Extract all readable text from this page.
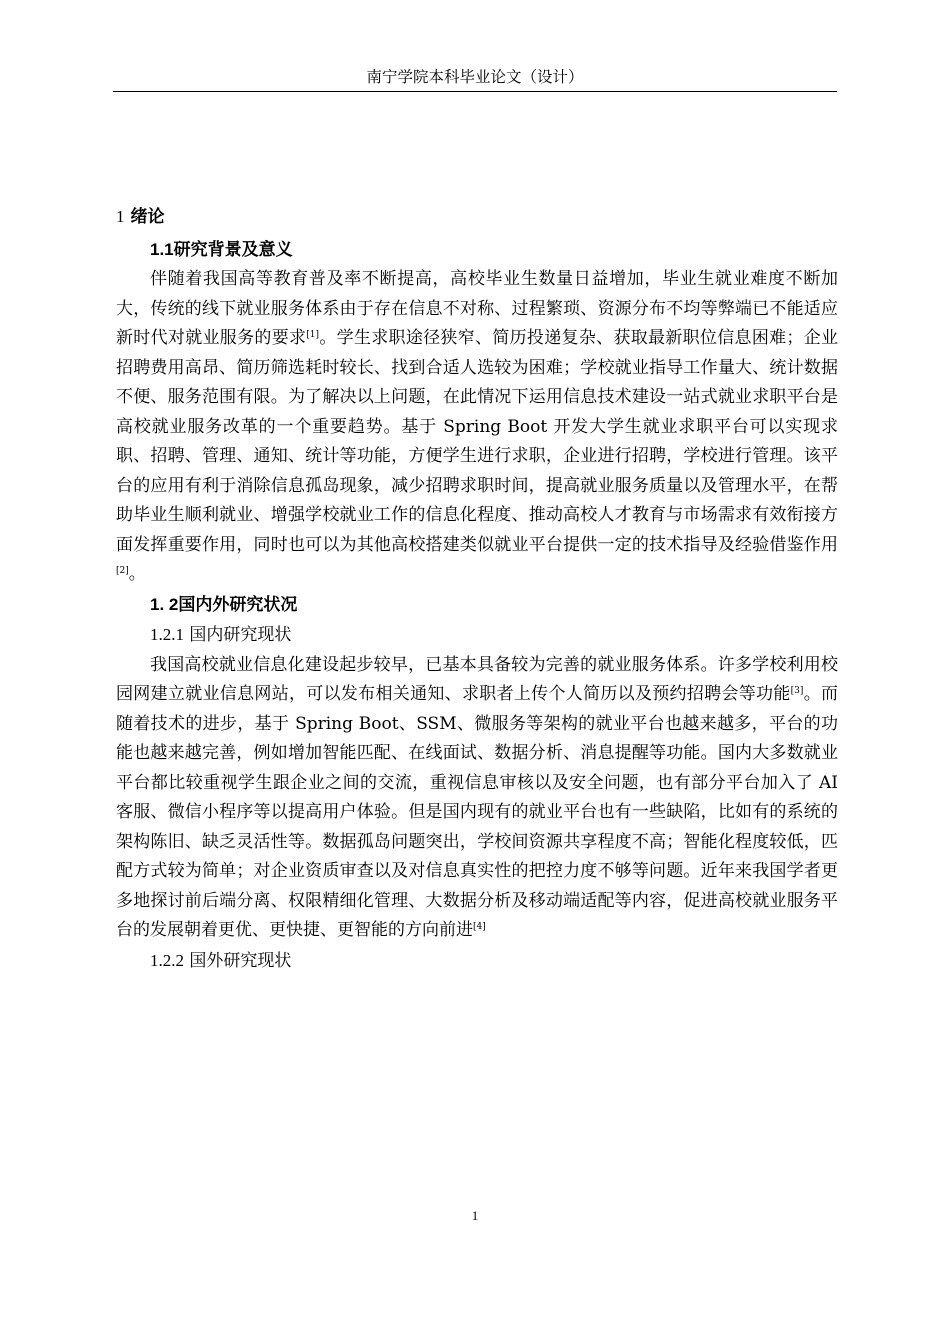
南宁学院本科毕业论文（设计）
1 绪论
1.1研究背景及意义

伴随着我国高等教育普及率不断提高，高校毕业生数量日益增加，毕业生就业难度不断加大，传统的线下就业服务体系由于存在信息不对称、过程繁琐、资源分布不均等弊端已不能适应新时代对就业服务的要求[1]。学生求职途径狭窄、简历投递复杂、获取最新职位信息困难；企业招聘费用高昂、简历筛选耗时较长、找到合适人选较为困难；学校就业指导工作量大、统计数据不便、服务范围有限。为了解决以上问题，在此情况下运用信息技术建设一站式就业求职平台是高校就业服务改革的一个重要趋势。基于 Spring Boot 开发大学生就业求职平台可以实现求职、招聘、管理、通知、统计等功能，方便学生进行求职，企业进行招聘，学校进行管理。该平台的应用有利于消除信息孤岛现象，减少招聘求职时间，提高就业服务质量以及管理水平，在帮助毕业生顺利就业、增强学校就业工作的信息化程度、推动高校人才教育与市场需求有效衔接方面发挥重要作用，同时也可以为其他高校搭建类似就业平台提供一定的技术指导及经验借鉴作用[2]。

1. 2国内外研究状况
1.2.1 国内研究现状

我国高校就业信息化建设起步较早，已基本具备较为完善的就业服务体系。许多学校利用校园网建立就业信息网站，可以发布相关通知、求职者上传个人简历以及预约招聘会等功能[3]。而随着技术的进步，基于 Spring Boot、SSM、微服务等架构的就业平台也越来越多，平台的功能也越来越完善，例如增加智能匹配、在线面试、数据分析、消息提醒等功能。国内大多数就业平台都比较重视学生跟企业之间的交流，重视信息审核以及安全问题，也有部分平台加入了 AI 客服、微信小程序等以提高用户体验。但是国内现有的就业平台也有一些缺陷，比如有的系统的架构陈旧、缺乏灵活性等。数据孤岛问题突出，学校间资源共享程度不高；智能化程度较低，匹配方式较为简单；对企业资质审查以及对信息真实性的把控力度不够等问题。近年来我国学者更多地探讨前后端分离、权限精细化管理、大数据分析及移动端适配等内容，促进高校就业服务平台的发展朝着更优、更快捷、更智能的方向前进[4]

1.2.2 国外研究现状
1
